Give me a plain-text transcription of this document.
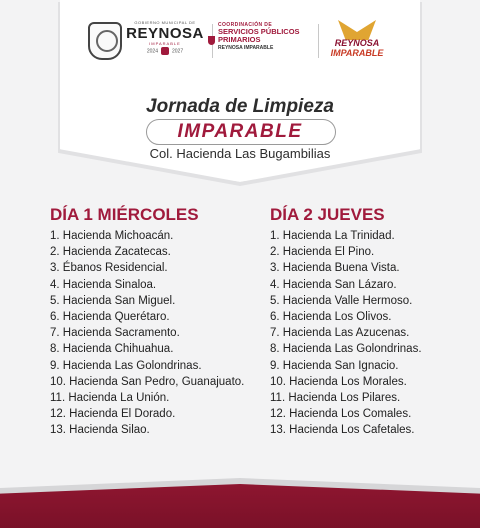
GOBIERNO MUNICIPAL DE
REYNOSA
IMPARABLE
2024	2027
COORDINACIÓN DE
SERVICIOS PÚBLICOS
PRIMARIOS
REYNOSA IMPARABLE	REYNOSA
IMPARABLE
Jornada de Limpieza
IMPARABLE
Col. Hacienda Las Bugambilias
DÍA 1 MIÉRCOLES
1. Hacienda Michoacán.
2. Hacienda Zacatecas.
3. Ébanos Residencial.
4. Hacienda Sinaloa.
5. Hacienda San Miguel.
6. Hacienda Querétaro.
7. Hacienda Sacramento.
8. Hacienda Chihuahua.
9. Hacienda Las Golondrinas.
10. Hacienda San Pedro, Guanajuato.
11. Hacienda La Unión.
12. Hacienda El Dorado.
13. Hacienda Silao.
DÍA 2 JUEVES
1. Hacienda La Trinidad.
2. Hacienda El Pino.
3. Hacienda Buena Vista.
4. Hacienda San Lázaro.
5. Hacienda Valle Hermoso.
6. Hacienda Los Olivos.
7. Hacienda Las Azucenas.
8. Hacienda Las Golondrinas.
9. Hacienda San Ignacio.
10. Hacienda Los Morales.
11. Hacienda Los Pilares.
12. Hacienda Los Comales.
13. Hacienda Los Cafetales.
